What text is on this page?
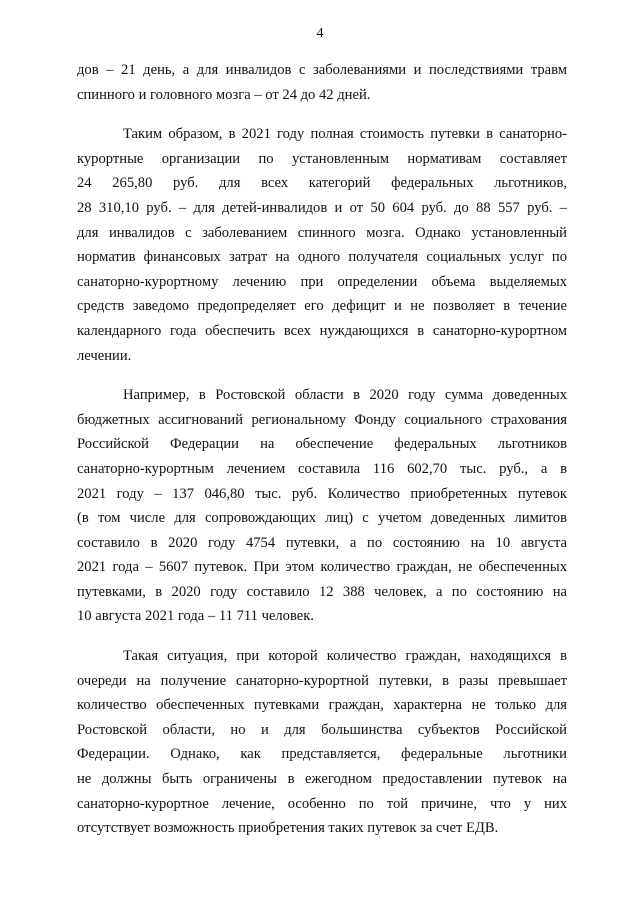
4
дов – 21 день, а для инвалидов с заболеваниями и последствиями травм
спинного и головного мозга – от 24 до 42 дней.
Таким образом, в 2021 году полная стоимость путевки в санаторно-
курортные организации по установленным нормативам составляет
24 265,80 руб. для всех категорий федеральных льготников,
28 310,10 руб. – для детей-инвалидов и от 50 604 руб. до 88 557 руб. –
для инвалидов с заболеванием спинного мозга. Однако установленный
норматив финансовых затрат на одного получателя социальных услуг по
санаторно-курортному лечению при определении объема выделяемых
средств заведомо предопределяет его дефицит и не позволяет в течение
календарного года обеспечить всех нуждающихся в санаторно-курортном
лечении.
Например, в Ростовской области в 2020 году сумма доведенных
бюджетных ассигнований региональному Фонду социального страхования
Российской Федерации на обеспечение федеральных льготников
санаторно-курортным лечением составила 116 602,70 тыс. руб., а в
2021 году – 137 046,80 тыс. руб. Количество приобретенных путевок
(в том числе для сопровождающих лиц) с учетом доведенных лимитов
составило в 2020 году 4754 путевки, а по состоянию на 10 августа
2021 года – 5607 путевок. При этом количество граждан, не обеспеченных
путевками, в 2020 году составило 12 388 человек, а по состоянию на
10 августа 2021 года – 11 711 человек.
Такая ситуация, при которой количество граждан, находящихся в
очереди на получение санаторно-курортной путевки, в разы превышает
количество обеспеченных путевками граждан, характерна не только для
Ростовской области, но и для большинства субъектов Российской
Федерации. Однако, как представляется, федеральные льготники
не должны быть ограничены в ежегодном предоставлении путевок на
санаторно-курортное лечение, особенно по той причине, что у них
отсутствует возможность приобретения таких путевок за счет ЕДВ.
